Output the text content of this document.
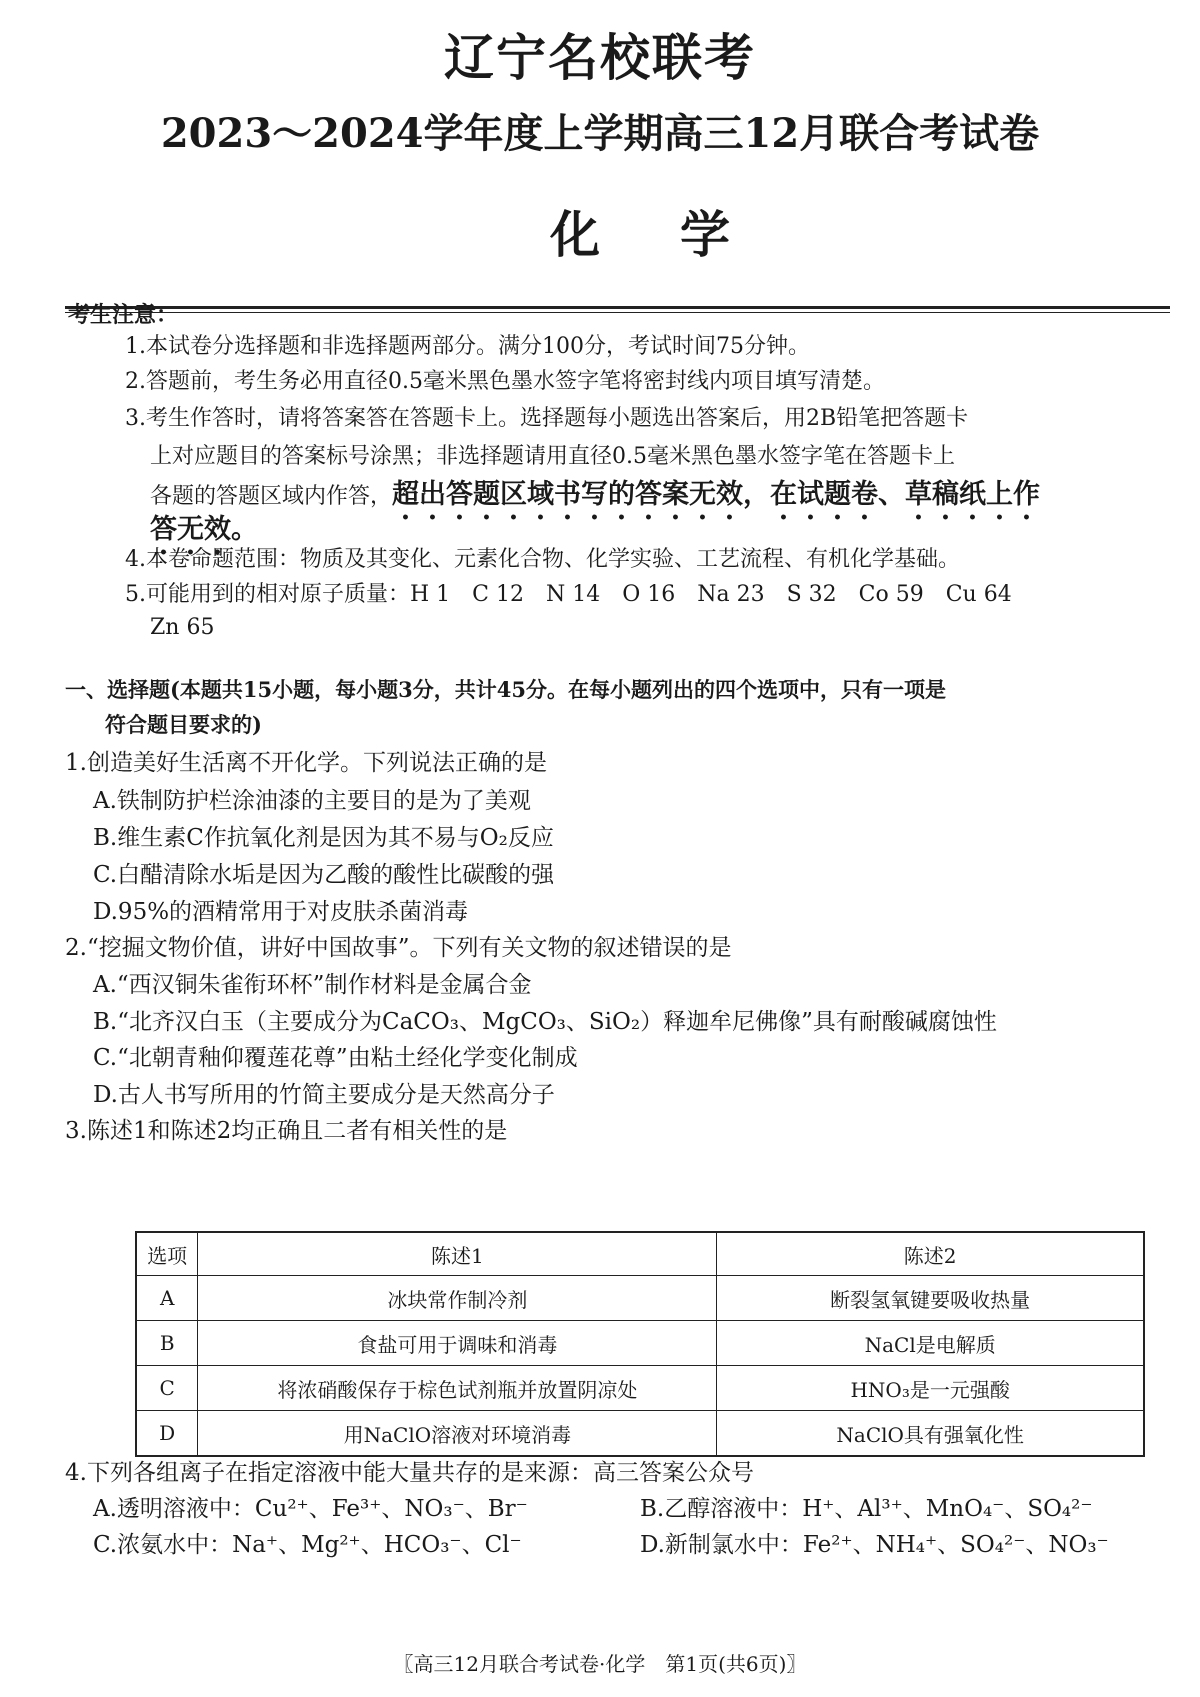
辽宁名校联考
2023～2024学年度上学期高三12月联合考试卷
化学
考生注意：
1.本试卷分选择题和非选择题两部分。满分100分，考试时间75分钟。
2.答题前，考生务必用直径0.5毫米黑色墨水签字笔将密封线内项目填写清楚。
3.考生作答时，请将答案答在答题卡上。选择题每小题选出答案后，用2B铅笔把答题卡
上对应题目的答案标号涂黑；非选择题请用直径0.5毫米黑色墨水签字笔在答题卡上
各题的答题区域内作答，超出答题区域书写的答案无效，在试题卷、草稿纸上作
答无效。
4.本卷命题范围：物质及其变化、元素化合物、化学实验、工艺流程、有机化学基础。
5.可能用到的相对原子质量：H 1　C 12　N 14　O 16　Na 23　S 32　Co 59　Cu 64
Zn 65
一、选择题(本题共15小题，每小题3分，共计45分。在每小题列出的四个选项中，只有一项是
符合题目要求的)
1.创造美好生活离不开化学。下列说法正确的是
A.铁制防护栏涂油漆的主要目的是为了美观
B.维生素C作抗氧化剂是因为其不易与O₂反应
C.白醋清除水垢是因为乙酸的酸性比碳酸的强
D.95%的酒精常用于对皮肤杀菌消毒
2.“挖掘文物价值，讲好中国故事”。下列有关文物的叙述错误的是
A.“西汉铜朱雀衔环杯”制作材料是金属合金
B.“北齐汉白玉（主要成分为CaCO₃、MgCO₃、SiO₂）释迦牟尼佛像”具有耐酸碱腐蚀性
C.“北朝青釉仰覆莲花尊”由粘土经化学变化制成
D.古人书写所用的竹简主要成分是天然高分子
3.陈述1和陈述2均正确且二者有相关性的是
选项	陈述1	陈述2
A	冰块常作制冷剂	断裂氢氧键要吸收热量
B	食盐可用于调味和消毒	NaCl是电解质
C	将浓硝酸保存于棕色试剂瓶并放置阴凉处	HNO₃是一元强酸
D	用NaClO溶液对环境消毒	NaClO具有强氧化性
4.下列各组离子在指定溶液中能大量共存的是来源：高三答案公众号
A.透明溶液中：Cu²⁺、Fe³⁺、NO₃⁻、Br⁻	B.乙醇溶液中：H⁺、Al³⁺、MnO₄⁻、SO₄²⁻
C.浓氨水中：Na⁺、Mg²⁺、HCO₃⁻、Cl⁻	D.新制氯水中：Fe²⁺、NH₄⁺、SO₄²⁻、NO₃⁻
〖高三12月联合考试卷·化学　第1页(共6页)〗
